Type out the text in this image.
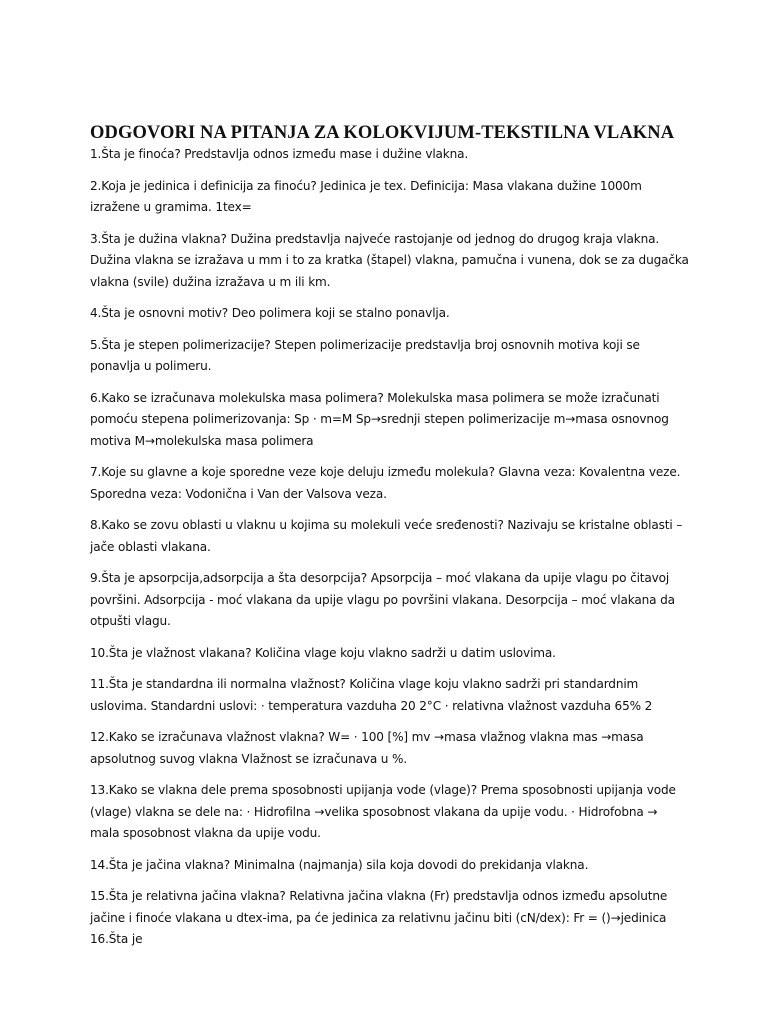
ODGOVORI NA PITANJA ZA KOLOKVIJUM-TEKSTILNA VLAKNA

1.Šta je finoća? Predstavlja odnos između mase i dužine vlakna.

2.Koja je jedinica i definicija za finoću? Jedinica je tex. Definicija: Masa vlakana dužine 1000m izražene u gramima. 1tex=

3.Šta je dužina vlakna? Dužina predstavlja najveće rastojanje od jednog do drugog kraja vlakna. Dužina vlakna se izražava u mm i to za kratka (štapel) vlakna, pamučna i vunena, dok se za dugačka vlakna (svile) dužina izražava u m ili km.

4.Šta je osnovni motiv? Deo polimera koji se stalno ponavlja.

5.Šta je stepen polimerizacije? Stepen polimerizacije predstavlja broj osnovnih motiva koji se ponavlja u polimeru.

6.Kako se izračunava molekulska masa polimera? Molekulska masa polimera se može izračunati pomoću stepena polimerizovanja: Sp · m=M Sp→srednji stepen polimerizacije m→masa osnovnog motiva M→molekulska masa polimera

7.Koje su glavne a koje sporedne veze koje deluju između molekula? Glavna veza: Kovalentna veze. Sporedna veza: Vodonična i Van der Valsova veza.

8.Kako se zovu oblasti u vlaknu u kojima su molekuli veće sređenosti? Nazivaju se kristalne oblasti – jače oblasti vlakana.

9.Šta je apsorpcija,adsorpcija a šta desorpcija? Apsorpcija – moć vlakana da upije vlagu po čitavoj površini. Adsorpcija - moć vlakana da upije vlagu po površini vlakana. Desorpcija – moć vlakana da otpušti vlagu.

10.Šta je vlažnost vlakana? Količina vlage koju vlakno sadrži u datim uslovima.

11.Šta je standardna ili normalna vlažnost? Količina vlage koju vlakno sadrži pri standardnim uslovima. Standardni uslovi: · temperatura vazduha 20 2°C · relativna vlažnost vazduha 65% 2

12.Kako se izračunava vlažnost vlakna? W= · 100 [%] mv →masa vlažnog vlakna mas →masa apsolutnog suvog vlakna Vlažnost se izračunava u %.

13.Kako se vlakna dele prema sposobnosti upijanja vode (vlage)? Prema sposobnosti upijanja vode (vlage) vlakna se dele na: · Hidrofilna →velika sposobnost vlakana da upije vodu. · Hidrofobna → mala sposobnost vlakna da upije vodu.

14.Šta je jačina vlakna? Minimalna (najmanja) sila koja dovodi do prekidanja vlakna.

15.Šta je relativna jačina vlakna? Relativna jačina vlakna (Fr) predstavlja odnos između apsolutne jačine i finoće vlakana u dtex-ima, pa će jedinica za relativnu jačinu biti (cN/dex): Fr = ()→jedinica 16.Šta je
